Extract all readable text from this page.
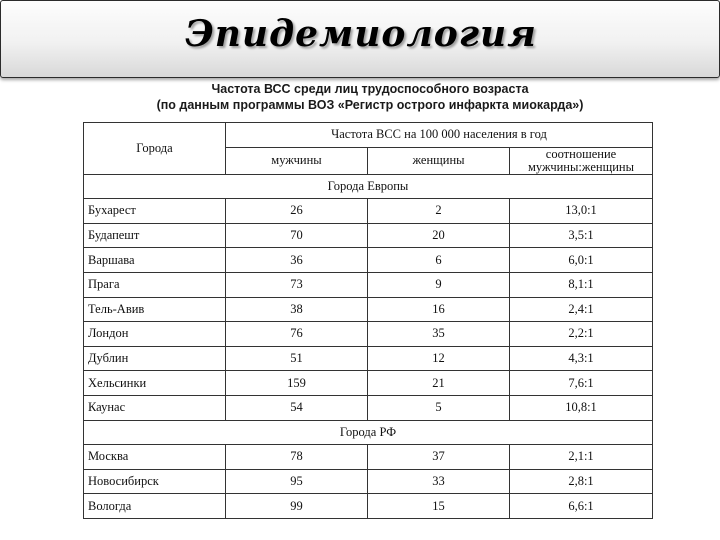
Эпидемиология
Частота ВСС среди лиц трудоспособного возраста
(по данным программы ВОЗ «Регистр острого инфаркта миокарда»)
Города	Частота ВСС на 100 000 населения в год		
	мужчины	женщины	соотношение мужчины:женщины
Города Европы			
Бухарест	26	2	13,0:1
Будапешт	70	20	3,5:1
Варшава	36	6	6,0:1
Прага	73	9	8,1:1
Тель-Авив	38	16	2,4:1
Лондон	76	35	2,2:1
Дублин	51	12	4,3:1
Хельсинки	159	21	7,6:1
Каунас	54	5	10,8:1
Города РФ			
Москва	78	37	2,1:1
Новосибирск	95	33	2,8:1
Вологда	99	15	6,6:1
